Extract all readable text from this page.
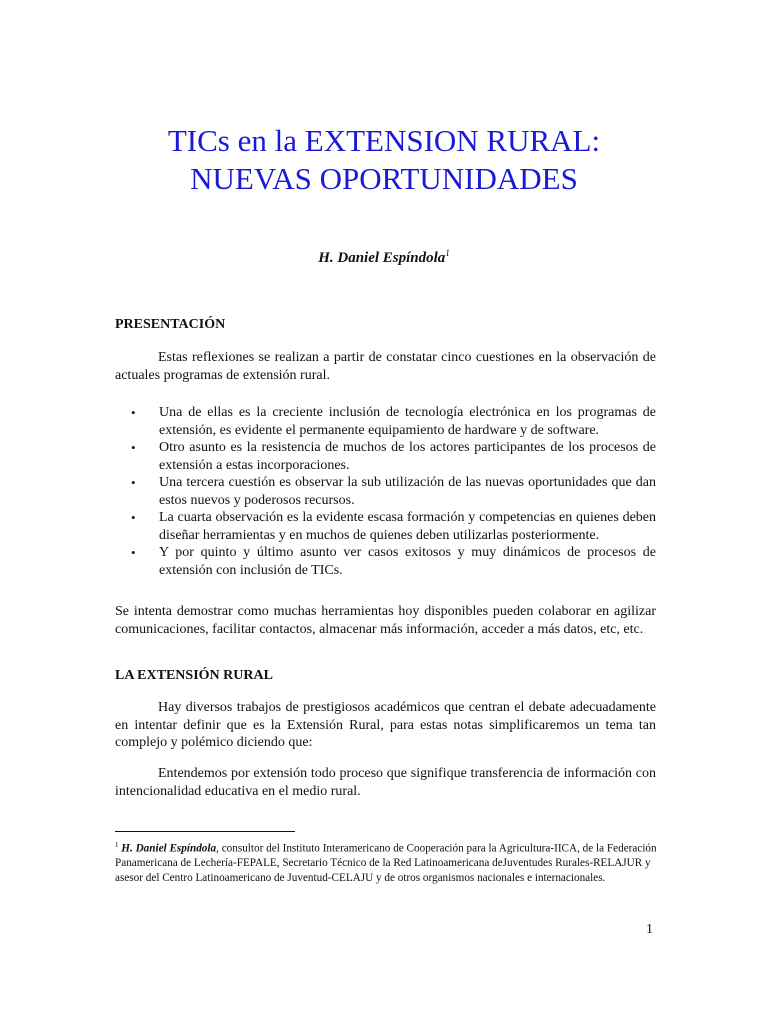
TICs en la EXTENSION RURAL:
NUEVAS OPORTUNIDADES
H. Daniel Espíndola$^1$
PRESENTACIÓN
Estas reflexiones se realizan a partir de constatar cinco cuestiones en la observación de actuales programas de extensión rural.
• Una de ellas es la creciente inclusión de tecnología electrónica en los programas de extensión, es evidente el permanente equipamiento de hardware y de software.
• Otro asunto es la resistencia de muchos de los actores participantes de los procesos de extensión a estas incorporaciones.
• Una tercera cuestión es observar la sub utilización de las nuevas oportunidades que dan estos nuevos y poderosos recursos.
• La cuarta observación es la evidente escasa formación y competencias en quienes deben diseñar herramientas y en muchos de quienes deben utilizarlas posteriormente.
• Y por quinto y último asunto ver casos exitosos y muy dinámicos de procesos de extensión con inclusión de TICs.
Se intenta demostrar como muchas herramientas hoy disponibles pueden colaborar en agilizar comunicaciones, facilitar contactos, almacenar más información, acceder a más datos, etc, etc.
LA EXTENSIÓN RURAL
Hay diversos trabajos de prestigiosos académicos que centran el debate adecuadamente en intentar definir que es la Extensión Rural, para estas notas simplificaremos un tema tan complejo y polémico diciendo que:
Entendemos por extensión todo proceso que signifique transferencia de información con intencionalidad educativa en el medio rural.
$^1$ H. Daniel Espíndola, consultor del Instituto Interamericano de Cooperación para la Agricultura-IICA, de la Federación Panamericana de Lechería-FEPALE, Secretario Técnico de la Red Latinoamericana deJuventudes Rurales-RELAJUR y asesor del Centro Latinoamericano de Juventud-CELAJU y de otros organismos nacionales e internacionales.
1
